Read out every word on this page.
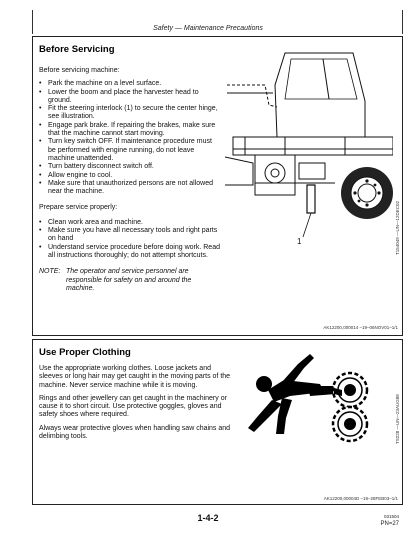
Safety — Maintenance Precautions
Before Servicing

Before servicing machine:

• Park the machine on a level surface.
• Lower the boom and place the harvester head to ground.
• Fit the steering interlock (1) to secure the center hinge, see illustration.
• Engage park brake. If repairing the brakes, make sure that the machine cannot start moving.
• Turn key switch OFF. If maintenance procedure must be performed with engine running, do not leave machine unattended.
• Turn battery disconnect switch off.
• Allow engine to cool.
• Make sure that unauthorized persons are not allowed near the machine.

Prepare service properly:

• Clean work area and machine.
• Make sure you have all necessary tools and right parts on hand
• Understand service procedure before doing work. Read all instructions thoroughly; do not attempt shortcuts.
NOTE: The operator and service personnel are responsible for safety on and around the machine.
1	T154049 —UN—12DEC02
AK12200,000014 –19–06NOV01–1/1
Use Proper Clothing

Use the appropriate working clothes. Loose jackets and sleeves or long hair may get caught in the moving parts of the machine. Never service machine while it is moving.

Rings and other jewellery can get caught in the machinery or cause it to short circuit. Use protective goggles, gloves and safety shoes where required.

Always wear protective gloves when handling saw chains and delimbing tools.	TS228 —UN—23AUG88
AK12200,00004D –19–28FEB03–1/1
1-4-2	031504
PN=27
